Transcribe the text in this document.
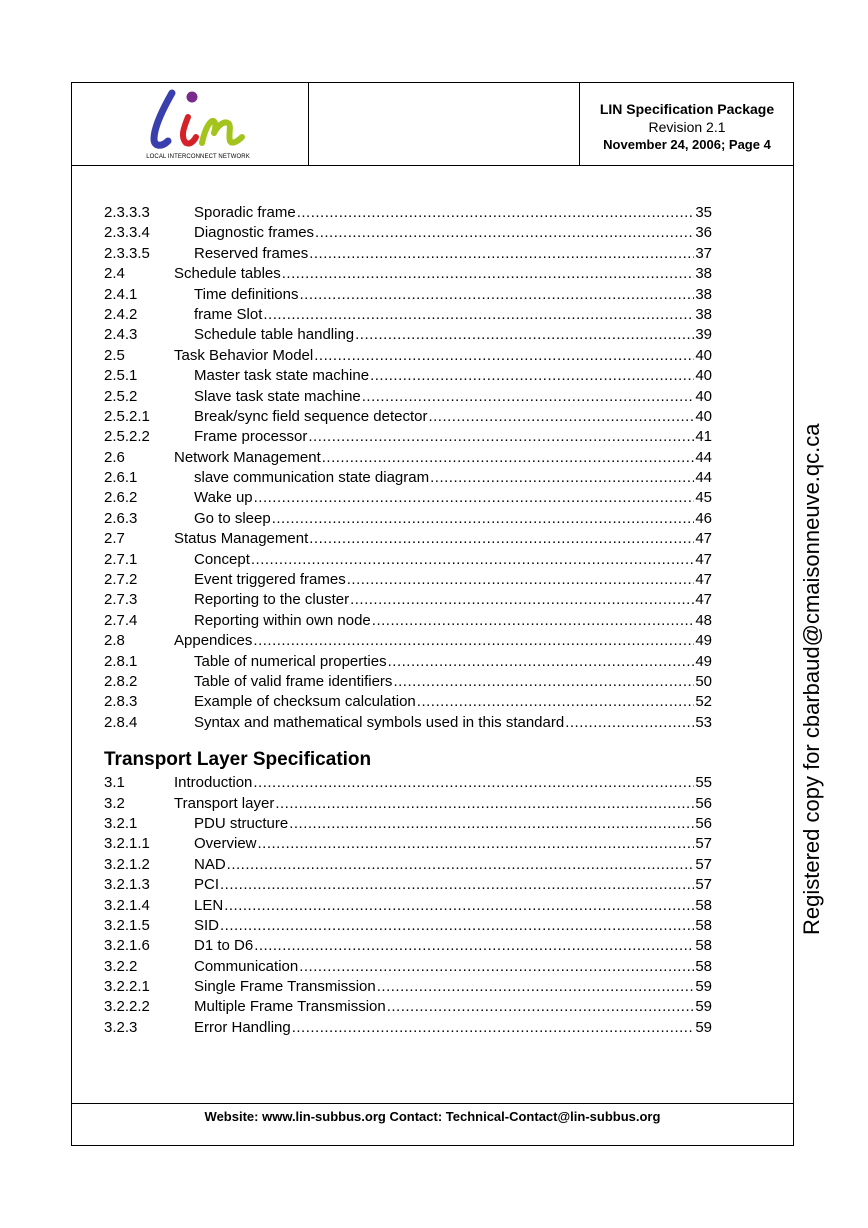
LOCAL INTERCONNECT NETWORK
LIN Specification Package
Revision 2.1
November 24, 2006; Page 4
Website: www.lin-subbus.org Contact: Technical-Contact@lin-subbus.org
2.3.3.3	Sporadic frame .....	35
2.3.3.4	Diagnostic frames .....	36
2.3.3.5	Reserved frames .....	37
2.4	Schedule tables .....	38
2.4.1	Time definitions .....	38
2.4.2	frame Slot .....	38
2.4.3	Schedule table handling .....	39
2.5	Task Behavior Model .....	40
2.5.1	Master task state machine .....	40
2.5.2	Slave task state machine .....	40
2.5.2.1	Break/sync field sequence detector .....	40
2.5.2.2	Frame processor .....	41
2.6	Network Management .....	44
2.6.1	slave communication state diagram .....	44
2.6.2	Wake up .....	45
2.6.3	Go to sleep .....	46
2.7	Status Management .....	47
2.7.1	Concept .....	47
2.7.2	Event triggered frames .....	47
2.7.3	Reporting to the cluster .....	47
2.7.4	Reporting within own node .....	48
2.8	Appendices .....	49
2.8.1	Table of numerical properties .....	49
2.8.2	Table of valid frame identifiers .....	50
2.8.3	Example of checksum calculation .....	52
2.8.4	Syntax and mathematical symbols used in this standard .....	53
Transport Layer Specification
3.1	Introduction .....	55
3.2	Transport layer .....	56
3.2.1	PDU structure .....	56
3.2.1.1	Overview .....	57
3.2.1.2	NAD .....	57
3.2.1.3	PCI .....	57
3.2.1.4	LEN .....	58
3.2.1.5	SID .....	58
3.2.1.6	D1 to D6 .....	58
3.2.2	Communication .....	58
3.2.2.1	Single Frame Transmission .....	59
3.2.2.2	Multiple Frame Transmission .....	59
3.2.3	Error Handling .....	59
Registered copy for cbarbaud@cmaisonneuve.qc.ca
